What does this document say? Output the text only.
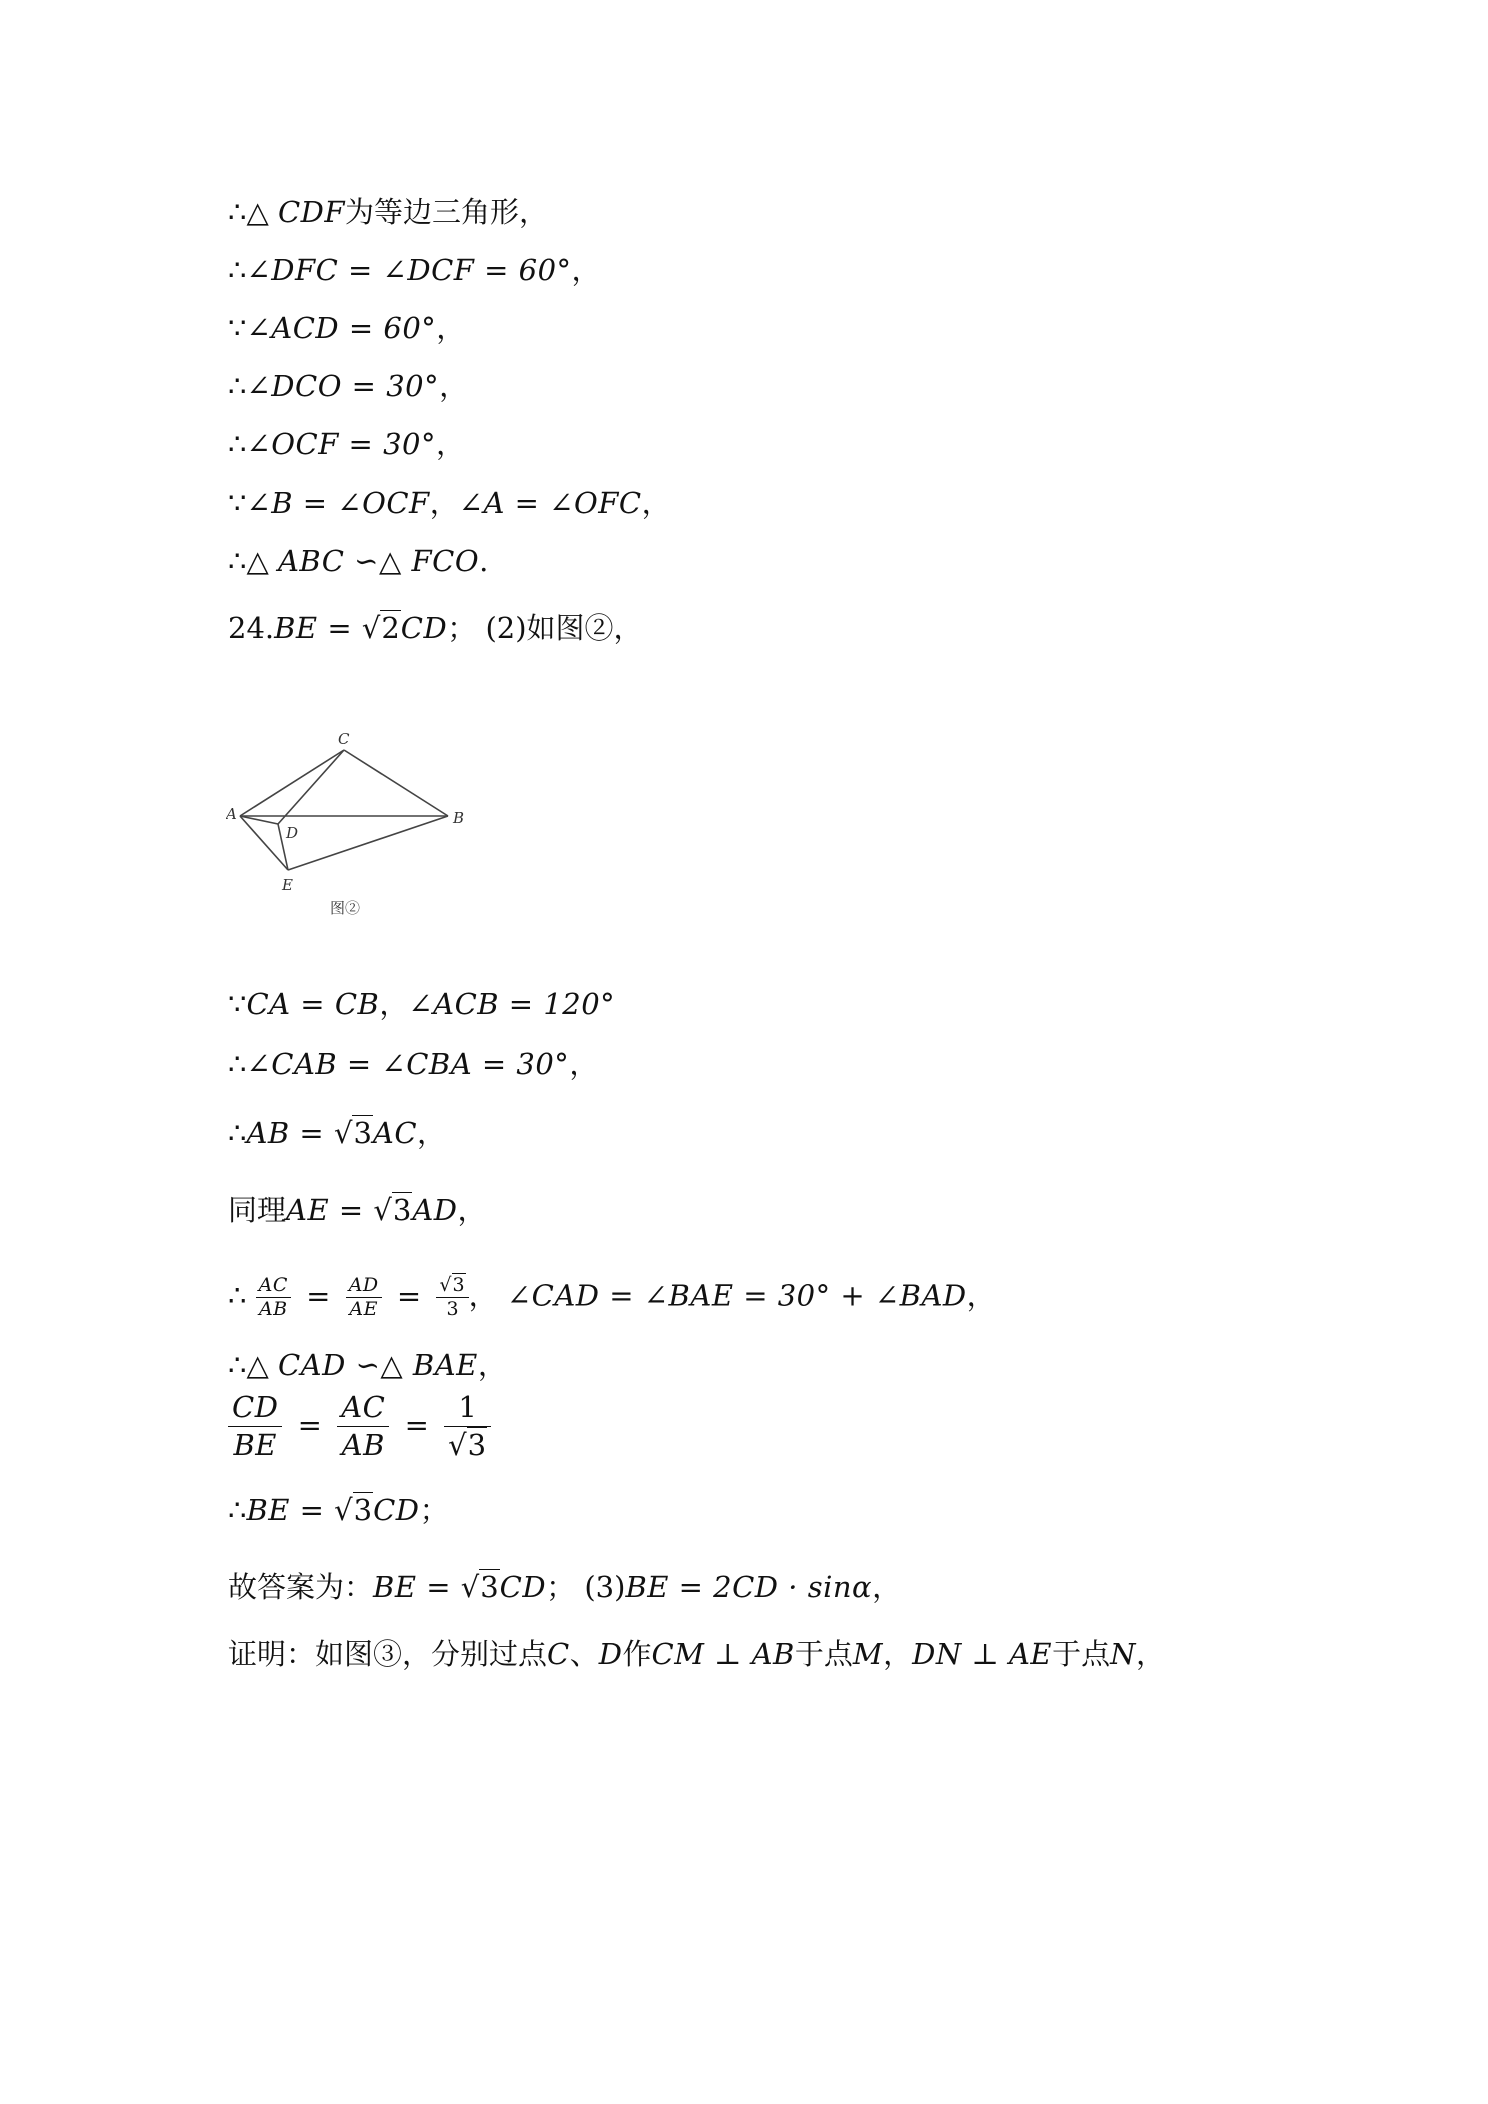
∴△ CDF为等边三角形，
∴∠DFC = ∠DCF = 60°，
∵∠ACD = 60°，
∴∠DCO = 30°，
∴∠OCF = 30°，
∵∠B = ∠OCF，∠A = ∠OFC，
∴△ ABC ∽△ FCO.
24.BE = √2CD； (2)如图②，
C
A	B
D
E
图②
∵CA = CB，∠ACB = 120°
∴∠CAB = ∠CBA = 30°，
∴AB = √3AC，
同理AE = √3AD，
∴ $\frac{AC}{AB} = \frac{AD}{AE} = \frac{√3}{3}$ ， ∠CAD = ∠BAE = 30° + ∠BAD，
∴△ CAD ∽△ BAE，
$\frac{CD}{BE} = \frac{AC}{AB} = \frac{1}{√3}$
∴BE = √3CD；
故答案为：BE = √3CD； (3)BE = 2CD · sinα，
证明：如图③，分别过点C、D作CM ⊥ AB于点M，DN ⊥ AE于点N，
